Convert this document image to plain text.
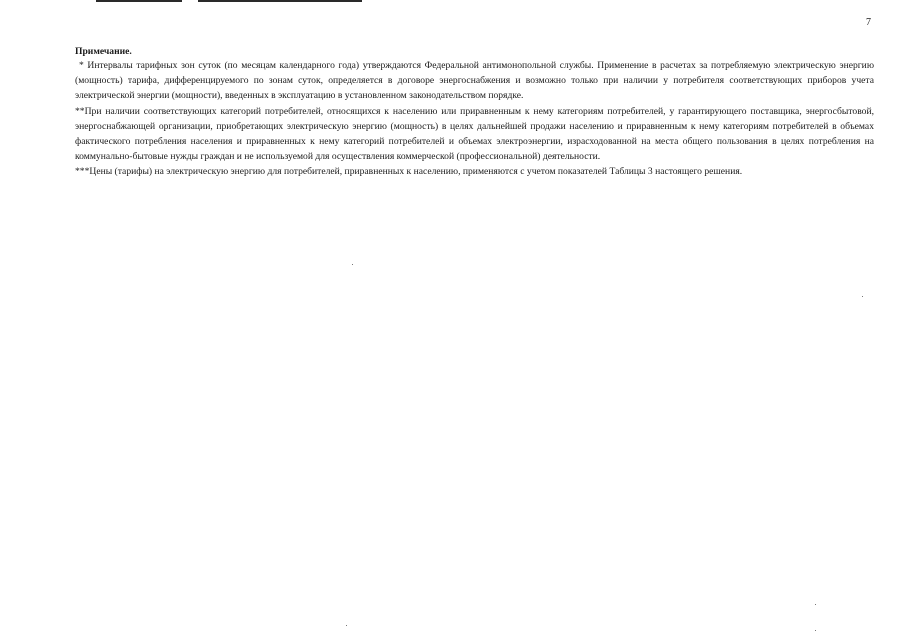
7

Примечание.

* Интервалы тарифных зон суток (по месяцам календарного года) утверждаются Федеральной антимонопольной службы. Применение в расчетах за потребляемую электрическую энергию (мощность) тарифа, дифференцируемого по зонам суток, определяется в договоре энергоснабжения и возможно только при наличии у потребителя соответствующих приборов учета электрической энергии (мощности), введенных в эксплуатацию в установленном законодательством порядке.

**При наличии соответствующих категорий потребителей, относящихся к населению или приравненным к нему категориям потребителей, у гарантирующего поставщика, энергосбытовой, энергоснабжающей организации, приобретающих электрическую энергию (мощность) в целях дальнейшей продажи населению и приравненным к нему категориям потребителей в объемах фактического потребления населения и приравненных к нему категорий потребителей и объемах электроэнергии, израсходованной на места общего пользования в целях потребления на коммунально-бытовые нужды граждан и не используемой для осуществления коммерческой (профессиональной) деятельности.

***Цены (тарифы) на электрическую энергию для потребителей, приравненных к населению, применяются с учетом показателей Таблицы 3 настоящего решения.
